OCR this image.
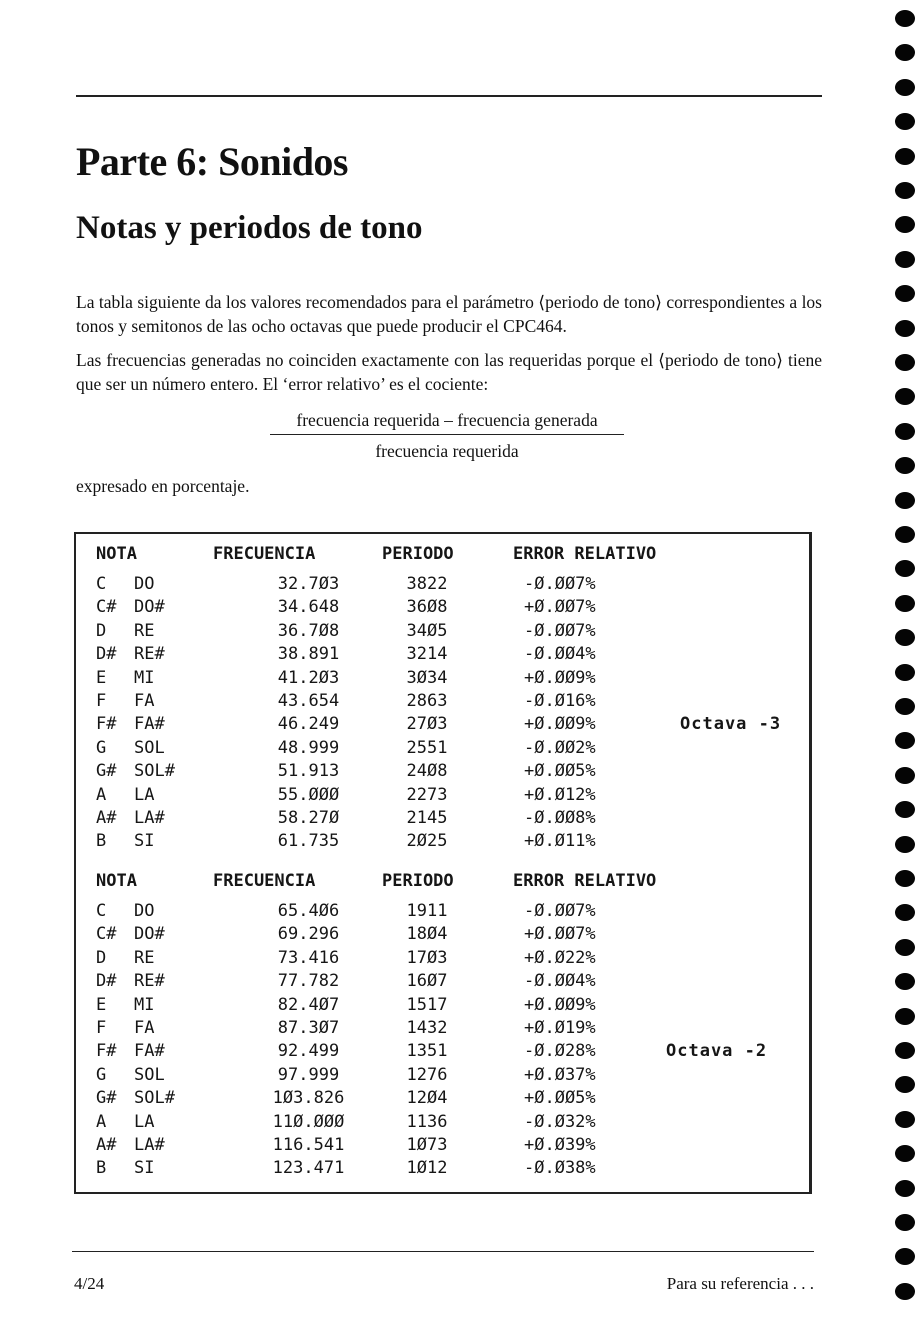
Parte 6: Sonidos
Notas y periodos de tono

La tabla siguiente da los valores recomendados para el parámetro ⟨periodo de tono⟩ correspondientes a los tonos y semitonos de las ocho octavas que puede producir el CPC464.

Las frecuencias generadas no coinciden exactamente con las requeridas porque el ⟨periodo de tono⟩ tiene que ser un número entero. El ‘error relativo’ es el cociente:

frecuencia requerida – frecuencia generada
frecuencia requerida

expresado en porcentaje.

NOTA	FRECUENCIA	PERIODO	ERROR RELATIVO
C DO	32.7Ø3	3822	-Ø.ØØ7%
C# DO#	34.648	36Ø8	+Ø.ØØ7%
D RE	36.7Ø8	34Ø5	-Ø.ØØ7%
D# RE#	38.891	3214	-Ø.ØØ4%
E MI	41.2Ø3	3Ø34	+Ø.ØØ9%
F FA	43.654	2863	-Ø.Ø16%
F# FA#	46.249	27Ø3	+Ø.ØØ9%
G SOL	48.999	2551	-Ø.ØØ2%
G# SOL#	51.913	24Ø8	+Ø.ØØ5%
A LA	55.ØØØ	2273	+Ø.Ø12%
A# LA#	58.27Ø	2145	-Ø.ØØ8%
B SI	61.735	2Ø25	+Ø.Ø11%
Octava -3
NOTA	FRECUENCIA	PERIODO	ERROR RELATIVO
C DO	65.4Ø6	1911	-Ø.ØØ7%
C# DO#	69.296	18Ø4	+Ø.ØØ7%
D RE	73.416	17Ø3	+Ø.Ø22%
D# RE#	77.782	16Ø7	-Ø.ØØ4%
E MI	82.4Ø7	1517	+Ø.ØØ9%
F FA	87.3Ø7	1432	+Ø.Ø19%
F# FA#	92.499	1351	-Ø.Ø28%
G SOL	97.999	1276	+Ø.Ø37%
G# SOL#	1Ø3.826	12Ø4	+Ø.ØØ5%
A LA	11Ø.ØØØ	1136	-Ø.Ø32%
A# LA#	116.541	1Ø73	+Ø.Ø39%
B SI	123.471	1Ø12	-Ø.Ø38%
Octava -2
4/24	Para su referencia . . .
